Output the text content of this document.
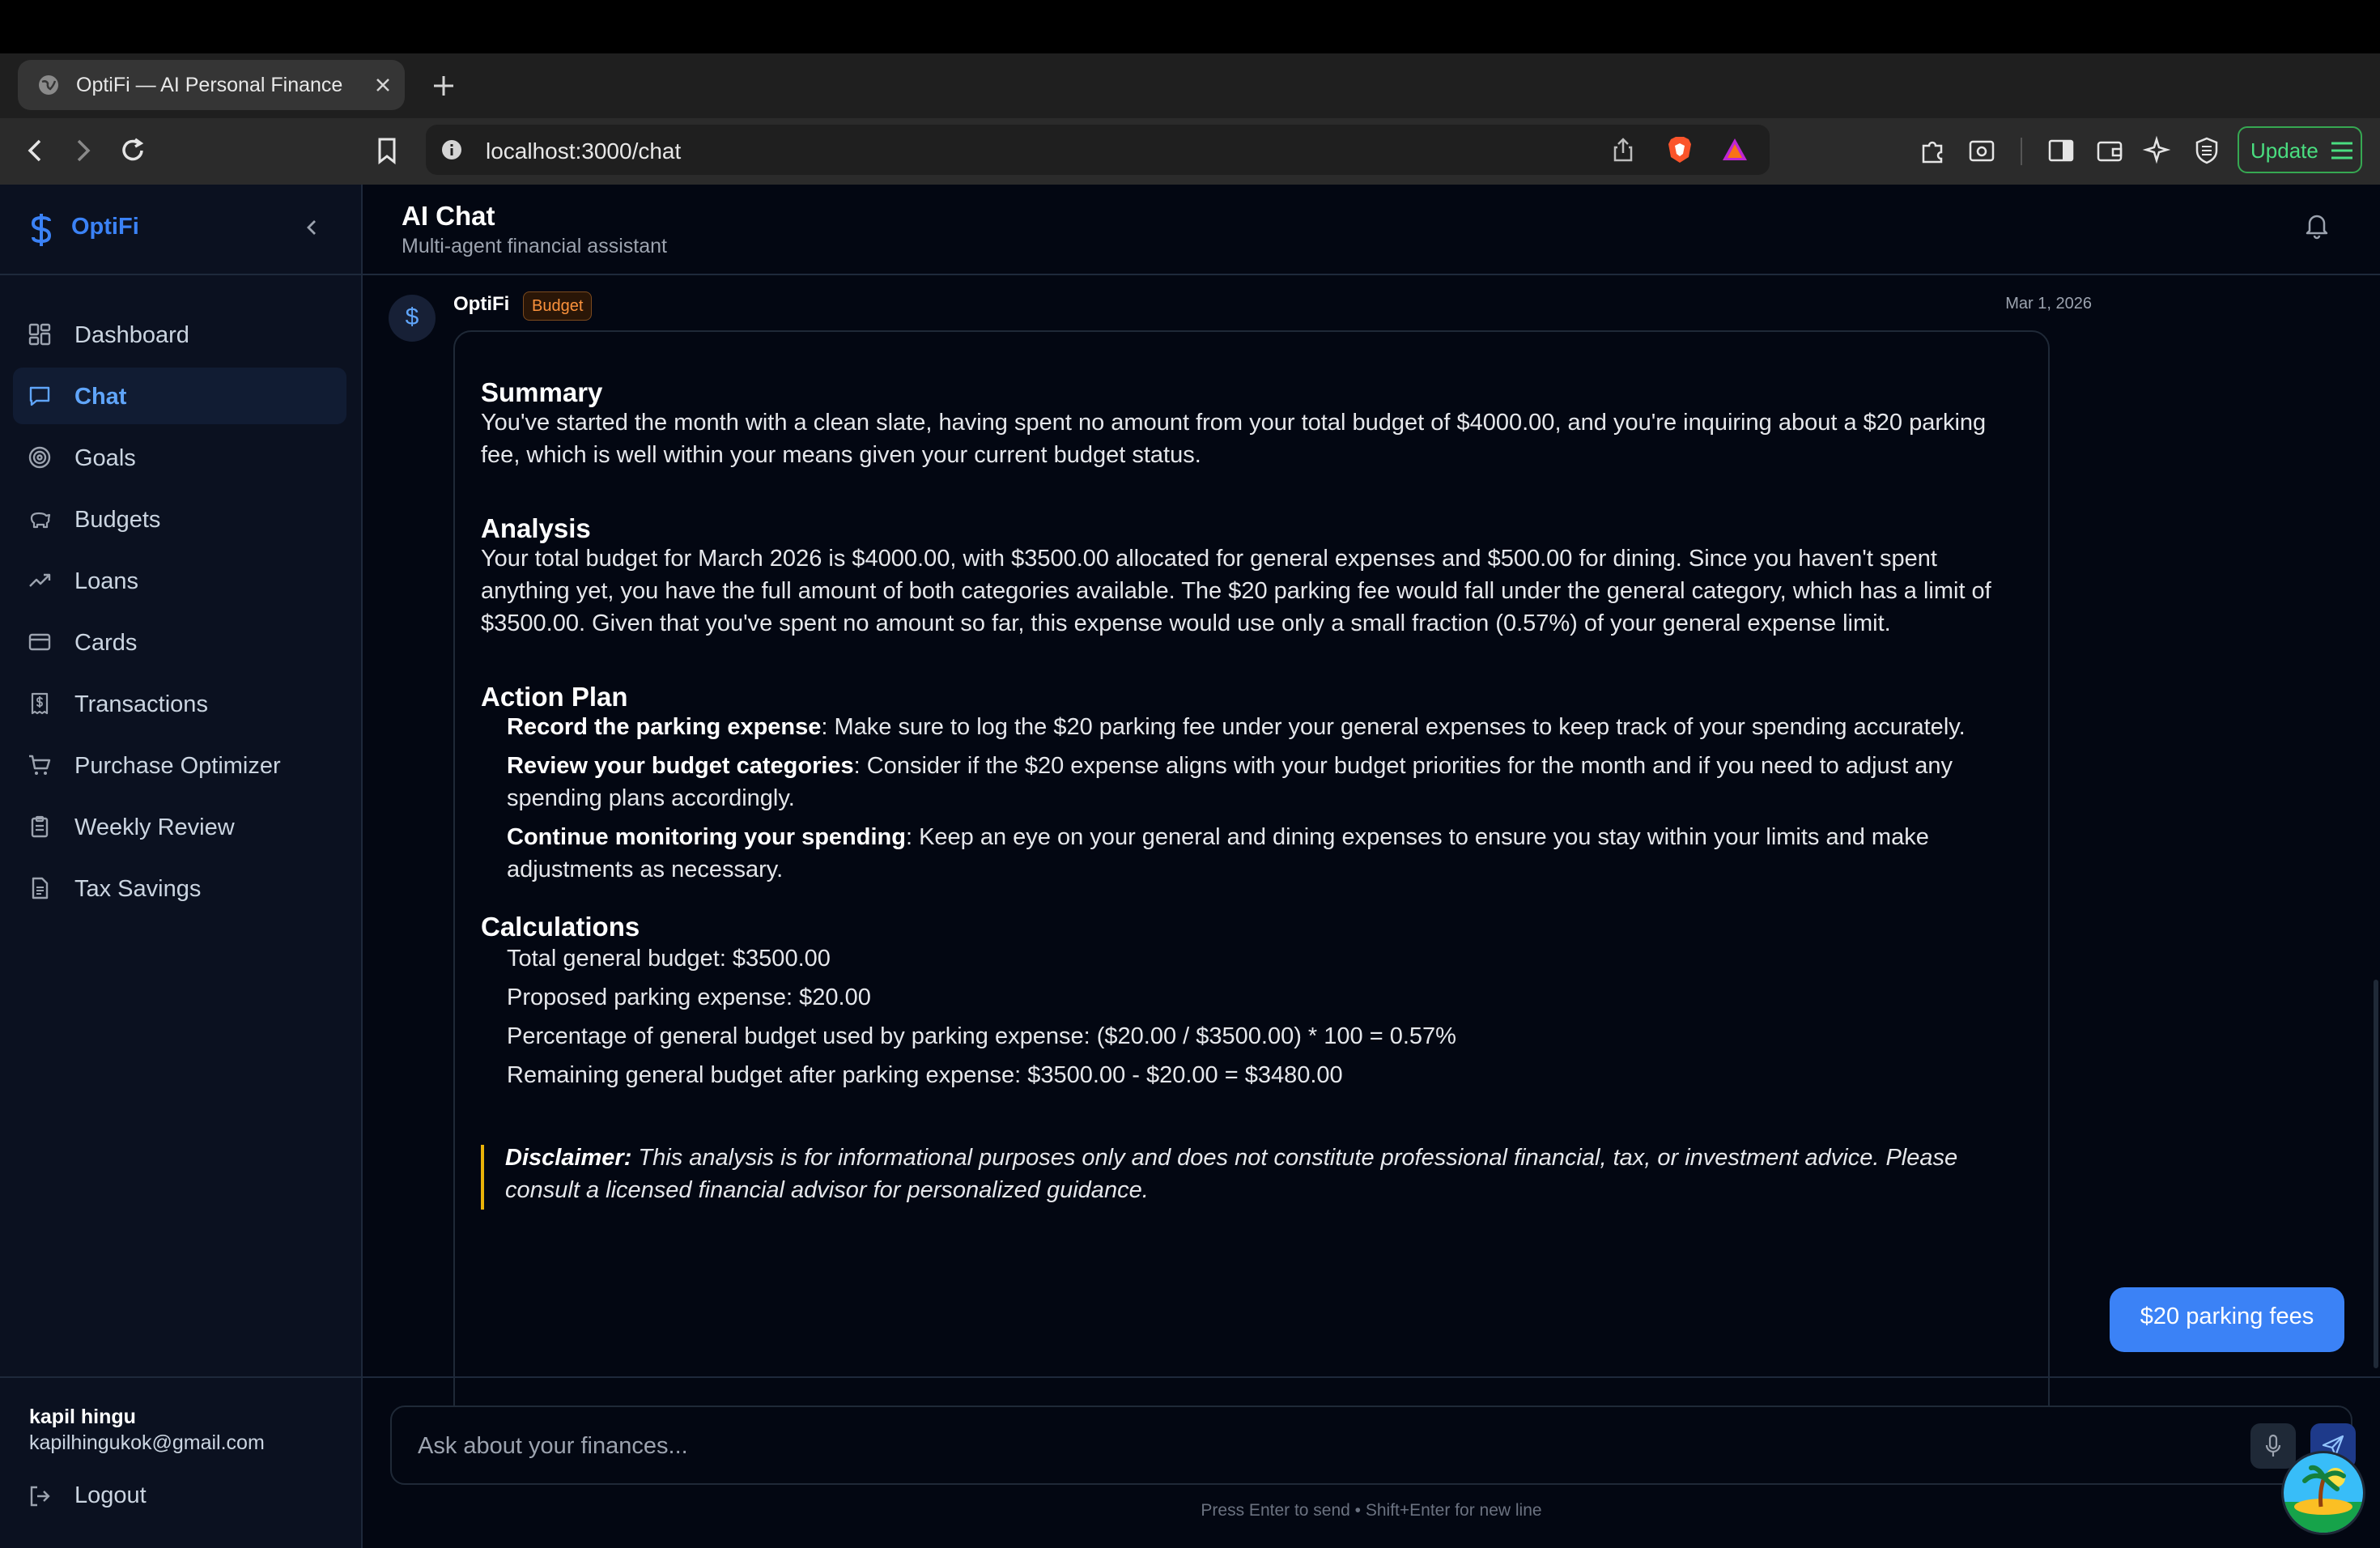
OptiFi — AI Personal Finance
localhost:3000/chat	Update
OptiFi
Dashboard
Chat
Goals
Budgets
Loans
Cards
Transactions
Purchase Optimizer
Weekly Review
Tax Savings
kapil hingu
kapilhingukok@gmail.com
Logout
AI Chat
Multi-agent financial assistant
$	OptiFi	Budget	Mar 1, 2026
Summary
You've started the month with a clean slate, having spent no amount from your total budget of $4000.00, and you're inquiring about a $20 parking fee, which is well within your means given your current budget status.
Analysis
Your total budget for March 2026 is $4000.00, with $3500.00 allocated for general expenses and $500.00 for dining. Since you haven't spent anything yet, you have the full amount of both categories available. The $20 parking fee would fall under the general category, which has a limit of $3500.00. Given that you've spent no amount so far, this expense would use only a small fraction (0.57%) of your general expense limit.
Action Plan
Record the parking expense: Make sure to log the $20 parking fee under your general expenses to keep track of your spending accurately.
Review your budget categories: Consider if the $20 expense aligns with your budget priorities for the month and if you need to adjust any spending plans accordingly.
Continue monitoring your spending: Keep an eye on your general and dining expenses to ensure you stay within your limits and make adjustments as necessary.
Calculations
Total general budget: $3500.00
Proposed parking expense: $20.00
Percentage of general budget used by parking expense: ($20.00 / $3500.00) * 100 = 0.57%
Remaining general budget after parking expense: $3500.00 - $20.00 = $3480.00
Disclaimer: This analysis is for informational purposes only and does not constitute professional financial, tax, or investment advice. Please consult a licensed financial advisor for personalized guidance.
$20 parking fees
Ask about your finances...
Press Enter to send • Shift+Enter for new line
